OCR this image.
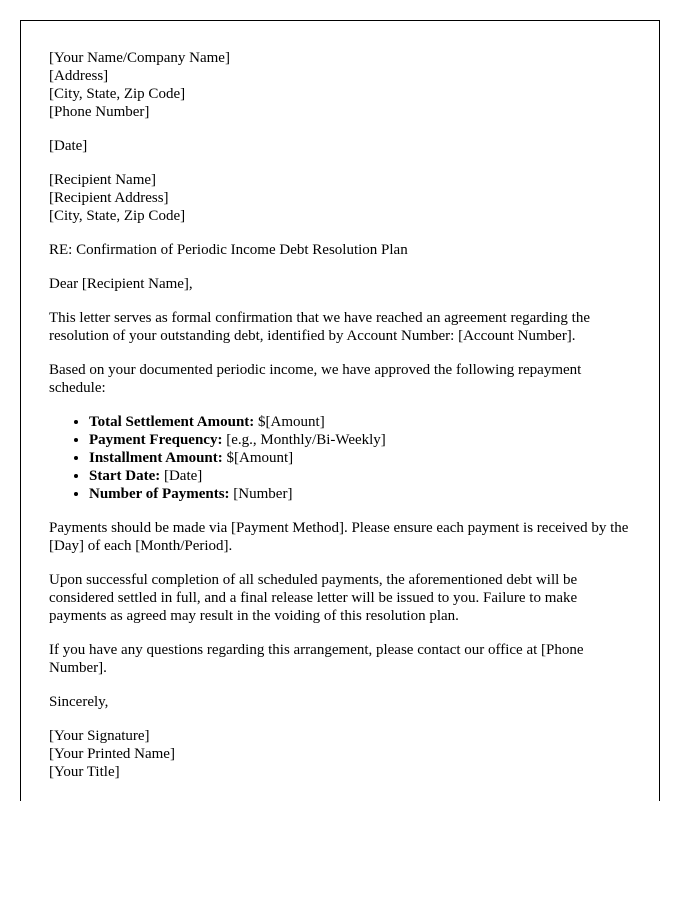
[Your Name/Company Name]
[Address]
[City, State, Zip Code]
[Phone Number]
[Date]
[Recipient Name]
[Recipient Address]
[City, State, Zip Code]

RE: Confirmation of Periodic Income Debt Resolution Plan

Dear [Recipient Name],

This letter serves as formal confirmation that we have reached an agreement regarding the resolution of your outstanding debt, identified by Account Number: [Account Number].

Based on your documented periodic income, we have approved the following repayment schedule:

• Total Settlement Amount: $[Amount]
• Payment Frequency: [e.g., Monthly/Bi-Weekly]
• Installment Amount: $[Amount]
• Start Date: [Date]
• Number of Payments: [Number]

Payments should be made via [Payment Method]. Please ensure each payment is received by the [Day] of each [Month/Period].

Upon successful completion of all scheduled payments, the aforementioned debt will be considered settled in full, and a final release letter will be issued to you. Failure to make payments as agreed may result in the voiding of this resolution plan.

If you have any questions regarding this arrangement, please contact our office at [Phone Number].

Sincerely,

[Your Signature]
[Your Printed Name]
[Your Title]
